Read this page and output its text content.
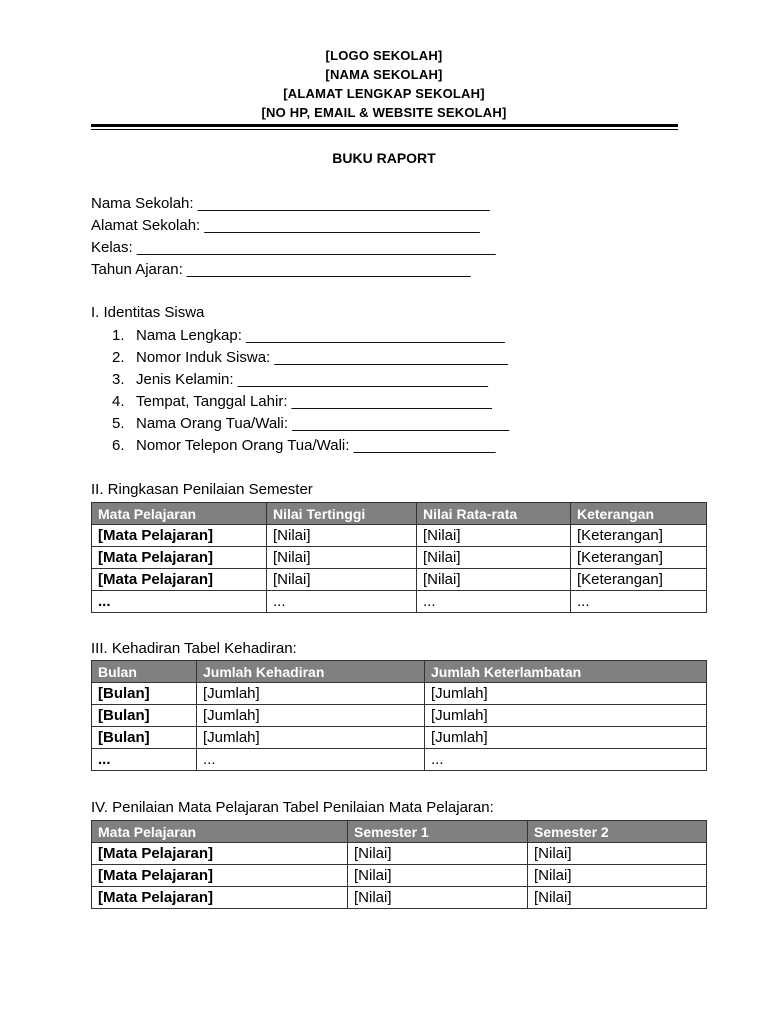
[LOGO SEKOLAH]
[NAMA SEKOLAH]
[ALAMAT LENGKAP SEKOLAH]
[NO HP, EMAIL & WEBSITE SEKOLAH]
BUKU RAPORT
Nama Sekolah: ___________________________________
Alamat Sekolah: _________________________________
Kelas: ___________________________________________
Tahun Ajaran: __________________________________
I. Identitas Siswa
1. Nama Lengkap: _______________________________
2. Nomor Induk Siswa: ____________________________
3. Jenis Kelamin: ______________________________
4. Tempat, Tanggal Lahir: ________________________
5. Nama Orang Tua/Wali: __________________________
6. Nomor Telepon Orang Tua/Wali: _________________
II. Ringkasan Penilaian Semester
Mata Pelajaran	Nilai Tertinggi	Nilai Rata-rata	Keterangan
[Mata Pelajaran]	[Nilai]	[Nilai]	[Keterangan]
[Mata Pelajaran]	[Nilai]	[Nilai]	[Keterangan]
[Mata Pelajaran]	[Nilai]	[Nilai]	[Keterangan]
...	...	...	...
III. Kehadiran Tabel Kehadiran:
Bulan	Jumlah Kehadiran	Jumlah Keterlambatan
[Bulan]	[Jumlah]	[Jumlah]
[Bulan]	[Jumlah]	[Jumlah]
[Bulan]	[Jumlah]	[Jumlah]
...	...	...
IV. Penilaian Mata Pelajaran Tabel Penilaian Mata Pelajaran:
Mata Pelajaran	Semester 1	Semester 2
[Mata Pelajaran]	[Nilai]	[Nilai]
[Mata Pelajaran]	[Nilai]	[Nilai]
[Mata Pelajaran]	[Nilai]	[Nilai]
